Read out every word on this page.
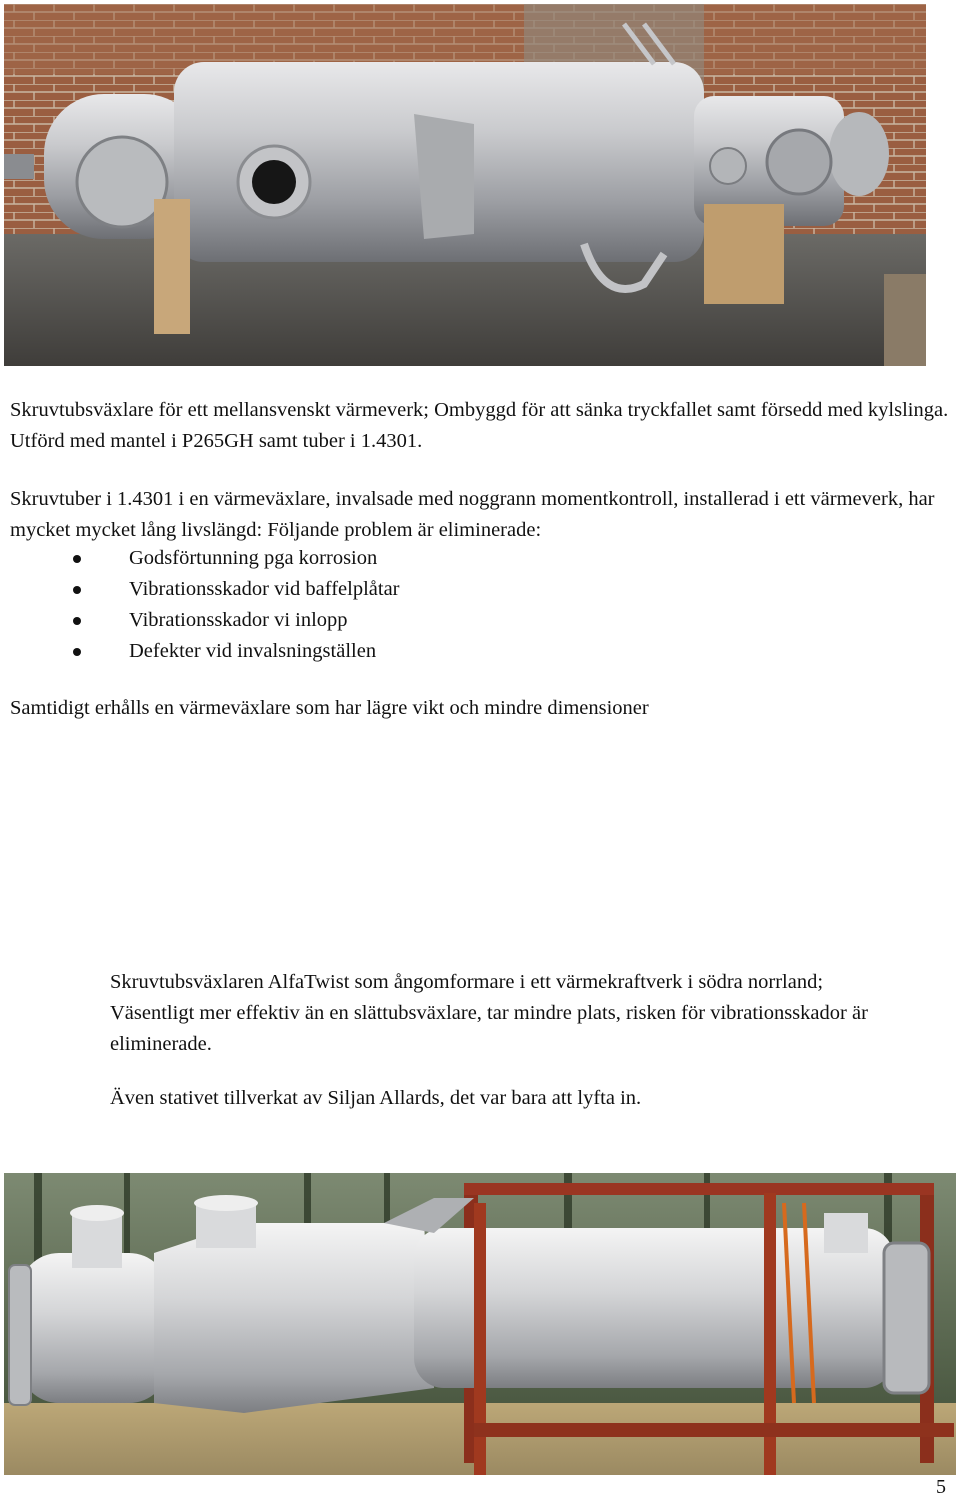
Skruvtubsväxlare för ett mellansvenskt värmeverk; Ombyggd för att sänka tryckfallet samt försedd med kylslinga. Utförd med mantel i P265GH samt tuber i 1.4301.

Skruvtuber i 1.4301 i en värmeväxlare, invalsade med noggrann momentkontroll, installerad i ett värmeverk, har mycket mycket lång livslängd: Följande problem är eliminerade:

Godsförtunning pga korrosion
Vibrationsskador vid baffelplåtar
Vibrationsskador vi inlopp
Defekter vid invalsningställen

Samtidigt erhålls en värmeväxlare som har lägre vikt och mindre dimensioner

Skruvtubsväxlaren AlfaTwist som ångomformare i ett värmekraftverk i södra norrland; Väsentligt mer effektiv än en slättubsväxlare, tar mindre plats, risken för vibrationsskador är eliminerade.

Även stativet tillverkat av Siljan Allards, det var bara att lyfta in.

5
